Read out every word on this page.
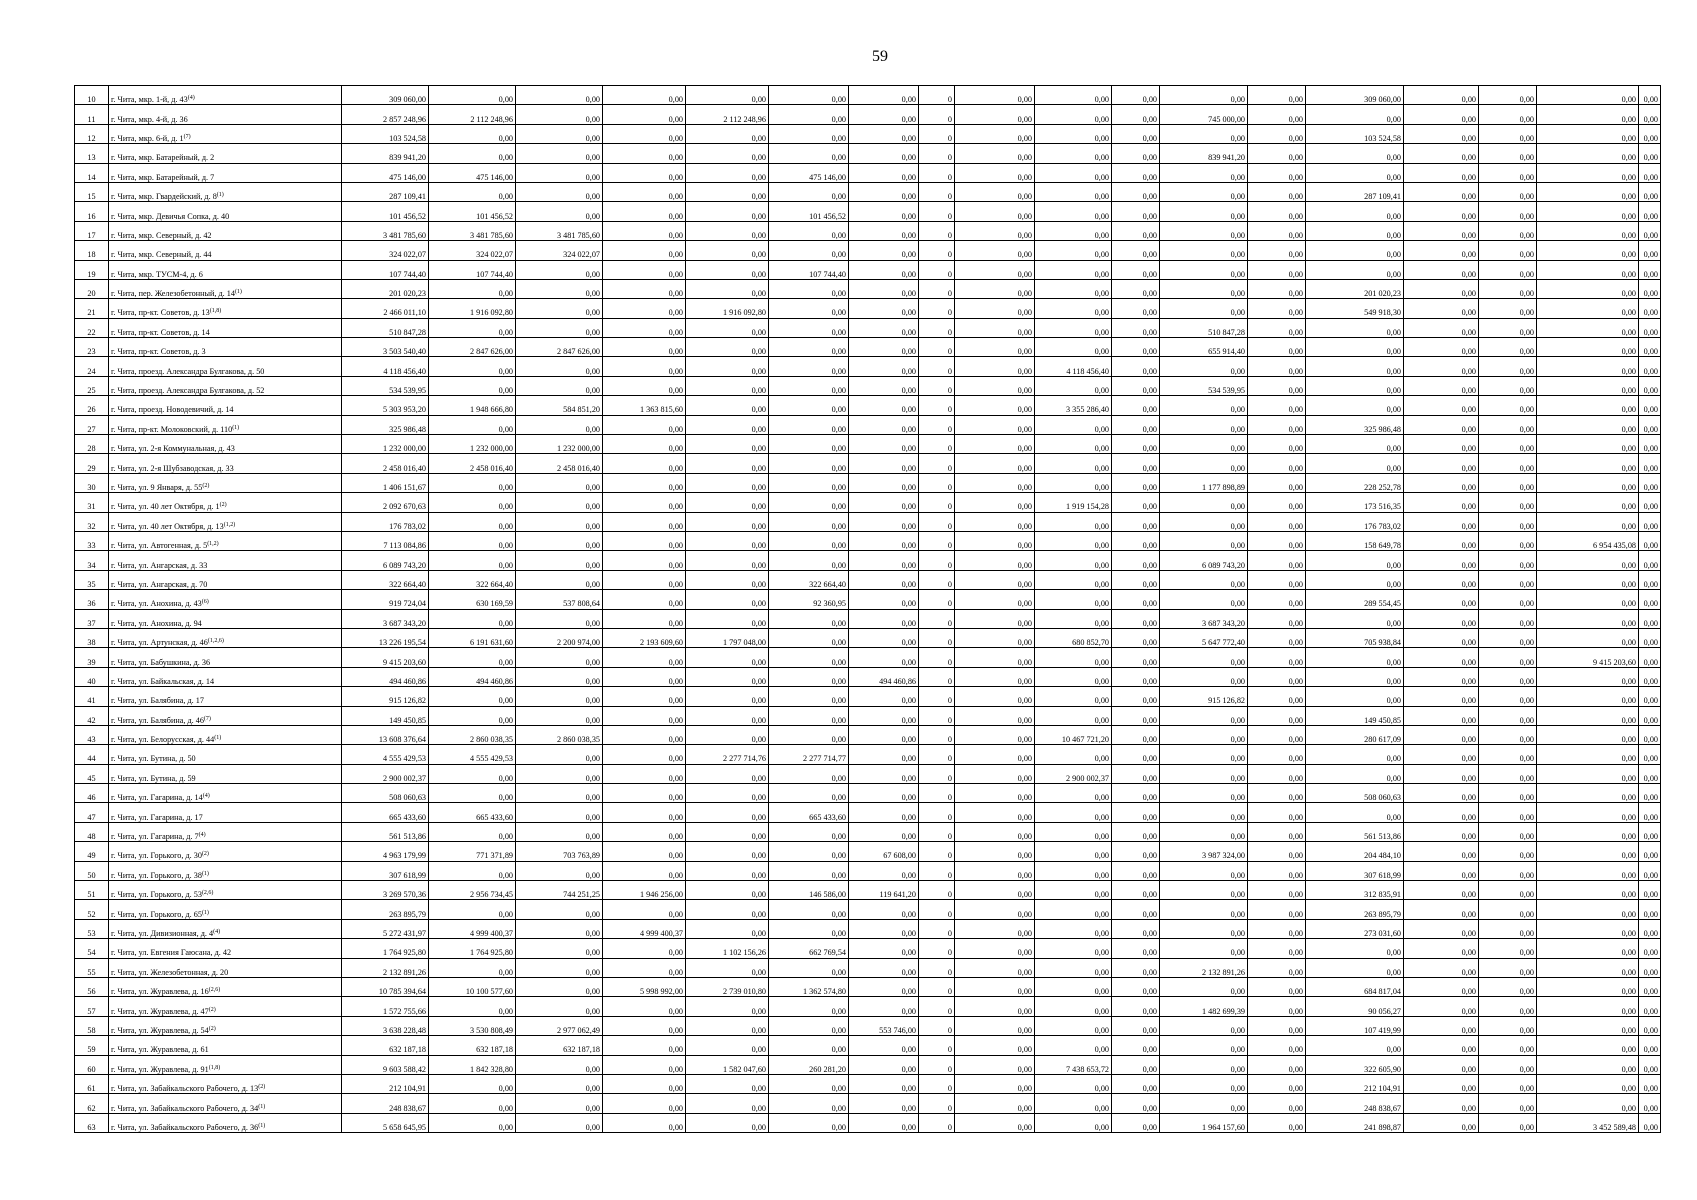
59
10	г. Чита, мкр. 1-й, д. 43$^{(4)}$	309 060,00	0,00	0,00	0,00	0,00	0,00	0,00	0	0,00	0,00	0,00	0,00	0,00	309 060,00	0,00	0,00	0,00	0,00
11	г. Чита, мкр. 4-й, д. 36	2 857 248,96	2 112 248,96	0,00	0,00	2 112 248,96	0,00	0,00	0	0,00	0,00	0,00	745 000,00	0,00	0,00	0,00	0,00	0,00	0,00
12	г. Чита, мкр. 6-й, д. 1$^{(7)}$	103 524,58	0,00	0,00	0,00	0,00	0,00	0,00	0	0,00	0,00	0,00	0,00	0,00	103 524,58	0,00	0,00	0,00	0,00
13	г. Чита, мкр. Батарейный, д. 2	839 941,20	0,00	0,00	0,00	0,00	0,00	0,00	0	0,00	0,00	0,00	839 941,20	0,00	0,00	0,00	0,00	0,00	0,00
14	г. Чита, мкр. Батарейный, д. 7	475 146,00	475 146,00	0,00	0,00	0,00	475 146,00	0,00	0	0,00	0,00	0,00	0,00	0,00	0,00	0,00	0,00	0,00	0,00
15	г. Чита, мкр. Гвардейский, д. 8$^{(1)}$	287 109,41	0,00	0,00	0,00	0,00	0,00	0,00	0	0,00	0,00	0,00	0,00	0,00	287 109,41	0,00	0,00	0,00	0,00
16	г. Чита, мкр. Девичья Сопка, д. 40	101 456,52	101 456,52	0,00	0,00	0,00	101 456,52	0,00	0	0,00	0,00	0,00	0,00	0,00	0,00	0,00	0,00	0,00	0,00
17	г. Чита, мкр. Северный, д. 42	3 481 785,60	3 481 785,60	3 481 785,60	0,00	0,00	0,00	0,00	0	0,00	0,00	0,00	0,00	0,00	0,00	0,00	0,00	0,00	0,00
18	г. Чита, мкр. Северный, д. 44	324 022,07	324 022,07	324 022,07	0,00	0,00	0,00	0,00	0	0,00	0,00	0,00	0,00	0,00	0,00	0,00	0,00	0,00	0,00
19	г. Чита, мкр. ТУСМ-4, д. 6	107 744,40	107 744,40	0,00	0,00	0,00	107 744,40	0,00	0	0,00	0,00	0,00	0,00	0,00	0,00	0,00	0,00	0,00	0,00
20	г. Чита, пер. Железобетонный, д. 14$^{(1)}$	201 020,23	0,00	0,00	0,00	0,00	0,00	0,00	0	0,00	0,00	0,00	0,00	0,00	201 020,23	0,00	0,00	0,00	0,00
21	г. Чита, пр-кт. Советов, д. 13$^{(1,8)}$	2 466 011,10	1 916 092,80	0,00	0,00	1 916 092,80	0,00	0,00	0	0,00	0,00	0,00	0,00	0,00	549 918,30	0,00	0,00	0,00	0,00
22	г. Чита, пр-кт. Советов, д. 14	510 847,28	0,00	0,00	0,00	0,00	0,00	0,00	0	0,00	0,00	0,00	510 847,28	0,00	0,00	0,00	0,00	0,00	0,00
23	г. Чита, пр-кт. Советов, д. 3	3 503 540,40	2 847 626,00	2 847 626,00	0,00	0,00	0,00	0,00	0	0,00	0,00	0,00	655 914,40	0,00	0,00	0,00	0,00	0,00	0,00
24	г. Чита, проезд. Александра Булгакова, д. 50	4 118 456,40	0,00	0,00	0,00	0,00	0,00	0,00	0	0,00	4 118 456,40	0,00	0,00	0,00	0,00	0,00	0,00	0,00	0,00
25	г. Чита, проезд. Александра Булгакова, д. 52	534 539,95	0,00	0,00	0,00	0,00	0,00	0,00	0	0,00	0,00	0,00	534 539,95	0,00	0,00	0,00	0,00	0,00	0,00
26	г. Чита, проезд. Новодевичий, д. 14	5 303 953,20	1 948 666,80	584 851,20	1 363 815,60	0,00	0,00	0,00	0	0,00	3 355 286,40	0,00	0,00	0,00	0,00	0,00	0,00	0,00	0,00
27	г. Чита, пр-кт. Молоковский, д. 110$^{(1)}$	325 986,48	0,00	0,00	0,00	0,00	0,00	0,00	0	0,00	0,00	0,00	0,00	0,00	325 986,48	0,00	0,00	0,00	0,00
28	г. Чита, ул. 2-я Коммунальная, д. 43	1 232 000,00	1 232 000,00	1 232 000,00	0,00	0,00	0,00	0,00	0	0,00	0,00	0,00	0,00	0,00	0,00	0,00	0,00	0,00	0,00
29	г. Чита, ул. 2-я Шубзаводская, д. 33	2 458 016,40	2 458 016,40	2 458 016,40	0,00	0,00	0,00	0,00	0	0,00	0,00	0,00	0,00	0,00	0,00	0,00	0,00	0,00	0,00
30	г. Чита, ул. 9 Января, д. 55$^{(2)}$	1 406 151,67	0,00	0,00	0,00	0,00	0,00	0,00	0	0,00	0,00	0,00	1 177 898,89	0,00	228 252,78	0,00	0,00	0,00	0,00
31	г. Чита, ул. 40 лет Октября, д. 1$^{(2)}$	2 092 670,63	0,00	0,00	0,00	0,00	0,00	0,00	0	0,00	1 919 154,28	0,00	0,00	0,00	173 516,35	0,00	0,00	0,00	0,00
32	г. Чита, ул. 40 лет Октября, д. 13$^{(1,2)}$	176 783,02	0,00	0,00	0,00	0,00	0,00	0,00	0	0,00	0,00	0,00	0,00	0,00	176 783,02	0,00	0,00	0,00	0,00
33	г. Чита, ул. Автогенная, д. 5$^{(1,2)}$	7 113 084,86	0,00	0,00	0,00	0,00	0,00	0,00	0	0,00	0,00	0,00	0,00	0,00	158 649,78	0,00	0,00	6 954 435,08	0,00
34	г. Чита, ул. Ангарская, д. 33	6 089 743,20	0,00	0,00	0,00	0,00	0,00	0,00	0	0,00	0,00	0,00	6 089 743,20	0,00	0,00	0,00	0,00	0,00	0,00
35	г. Чита, ул. Ангарская, д. 70	322 664,40	322 664,40	0,00	0,00	0,00	322 664,40	0,00	0	0,00	0,00	0,00	0,00	0,00	0,00	0,00	0,00	0,00	0,00
36	г. Чита, ул. Анохина, д. 43$^{(6)}$	919 724,04	630 169,59	537 808,64	0,00	0,00	92 360,95	0,00	0	0,00	0,00	0,00	0,00	0,00	289 554,45	0,00	0,00	0,00	0,00
37	г. Чита, ул. Анохина, д. 94	3 687 343,20	0,00	0,00	0,00	0,00	0,00	0,00	0	0,00	0,00	0,00	3 687 343,20	0,00	0,00	0,00	0,00	0,00	0,00
38	г. Чита, ул. Артунская, д. 46$^{(1,2,6)}$	13 226 195,54	6 191 631,60	2 200 974,00	2 193 609,60	1 797 048,00	0,00	0,00	0	0,00	680 852,70	0,00	5 647 772,40	0,00	705 938,84	0,00	0,00	0,00	0,00
39	г. Чита, ул. Бабушкина, д. 36	9 415 203,60	0,00	0,00	0,00	0,00	0,00	0,00	0	0,00	0,00	0,00	0,00	0,00	0,00	0,00	0,00	9 415 203,60	0,00
40	г. Чита, ул. Байкальская, д. 14	494 460,86	494 460,86	0,00	0,00	0,00	0,00	494 460,86	0	0,00	0,00	0,00	0,00	0,00	0,00	0,00	0,00	0,00	0,00
41	г. Чита, ул. Балябина, д. 17	915 126,82	0,00	0,00	0,00	0,00	0,00	0,00	0	0,00	0,00	0,00	915 126,82	0,00	0,00	0,00	0,00	0,00	0,00
42	г. Чита, ул. Балябина, д. 46$^{(7)}$	149 450,85	0,00	0,00	0,00	0,00	0,00	0,00	0	0,00	0,00	0,00	0,00	0,00	149 450,85	0,00	0,00	0,00	0,00
43	г. Чита, ул. Белорусская, д. 44$^{(1)}$	13 608 376,64	2 860 038,35	2 860 038,35	0,00	0,00	0,00	0,00	0	0,00	10 467 721,20	0,00	0,00	0,00	280 617,09	0,00	0,00	0,00	0,00
44	г. Чита, ул. Бутина, д. 50	4 555 429,53	4 555 429,53	0,00	0,00	2 277 714,76	2 277 714,77	0,00	0	0,00	0,00	0,00	0,00	0,00	0,00	0,00	0,00	0,00	0,00
45	г. Чита, ул. Бутина, д. 59	2 900 002,37	0,00	0,00	0,00	0,00	0,00	0,00	0	0,00	2 900 002,37	0,00	0,00	0,00	0,00	0,00	0,00	0,00	0,00
46	г. Чита, ул. Гагарина, д. 14$^{(4)}$	508 060,63	0,00	0,00	0,00	0,00	0,00	0,00	0	0,00	0,00	0,00	0,00	0,00	508 060,63	0,00	0,00	0,00	0,00
47	г. Чита, ул. Гагарина, д. 17	665 433,60	665 433,60	0,00	0,00	0,00	665 433,60	0,00	0	0,00	0,00	0,00	0,00	0,00	0,00	0,00	0,00	0,00	0,00
48	г. Чита, ул. Гагарина, д. 7$^{(4)}$	561 513,86	0,00	0,00	0,00	0,00	0,00	0,00	0	0,00	0,00	0,00	0,00	0,00	561 513,86	0,00	0,00	0,00	0,00
49	г. Чита, ул. Горького, д. 30$^{(2)}$	4 963 179,99	771 371,89	703 763,89	0,00	0,00	0,00	67 608,00	0	0,00	0,00	0,00	3 987 324,00	0,00	204 484,10	0,00	0,00	0,00	0,00
50	г. Чита, ул. Горького, д. 38$^{(1)}$	307 618,99	0,00	0,00	0,00	0,00	0,00	0,00	0	0,00	0,00	0,00	0,00	0,00	307 618,99	0,00	0,00	0,00	0,00
51	г. Чита, ул. Горького, д. 53$^{(2,6)}$	3 269 570,36	2 956 734,45	744 251,25	1 946 256,00	0,00	146 586,00	119 641,20	0	0,00	0,00	0,00	0,00	0,00	312 835,91	0,00	0,00	0,00	0,00
52	г. Чита, ул. Горького, д. 65$^{(1)}$	263 895,79	0,00	0,00	0,00	0,00	0,00	0,00	0	0,00	0,00	0,00	0,00	0,00	263 895,79	0,00	0,00	0,00	0,00
53	г. Чита, ул. Дивизионная, д. 4$^{(4)}$	5 272 431,97	4 999 400,37	0,00	4 999 400,37	0,00	0,00	0,00	0	0,00	0,00	0,00	0,00	0,00	273 031,60	0,00	0,00	0,00	0,00
54	г. Чита, ул. Евгения Гаюсана, д. 42	1 764 925,80	1 764 925,80	0,00	0,00	1 102 156,26	662 769,54	0,00	0	0,00	0,00	0,00	0,00	0,00	0,00	0,00	0,00	0,00	0,00
55	г. Чита, ул. Железобетонная, д. 20	2 132 891,26	0,00	0,00	0,00	0,00	0,00	0,00	0	0,00	0,00	0,00	2 132 891,26	0,00	0,00	0,00	0,00	0,00	0,00
56	г. Чита, ул. Журавлева, д. 16$^{(2,6)}$	10 785 394,64	10 100 577,60	0,00	5 998 992,00	2 739 010,80	1 362 574,80	0,00	0	0,00	0,00	0,00	0,00	0,00	684 817,04	0,00	0,00	0,00	0,00
57	г. Чита, ул. Журавлева, д. 47$^{(2)}$	1 572 755,66	0,00	0,00	0,00	0,00	0,00	0,00	0	0,00	0,00	0,00	1 482 699,39	0,00	90 056,27	0,00	0,00	0,00	0,00
58	г. Чита, ул. Журавлева, д. 54$^{(2)}$	3 638 228,48	3 530 808,49	2 977 062,49	0,00	0,00	0,00	553 746,00	0	0,00	0,00	0,00	0,00	0,00	107 419,99	0,00	0,00	0,00	0,00
59	г. Чита, ул. Журавлева, д. 61	632 187,18	632 187,18	632 187,18	0,00	0,00	0,00	0,00	0	0,00	0,00	0,00	0,00	0,00	0,00	0,00	0,00	0,00	0,00
60	г. Чита, ул. Журавлева, д. 91$^{(1,8)}$	9 603 588,42	1 842 328,80	0,00	0,00	1 582 047,60	260 281,20	0,00	0	0,00	7 438 653,72	0,00	0,00	0,00	322 605,90	0,00	0,00	0,00	0,00
61	г. Чита, ул. Забайкальского Рабочего, д. 13$^{(2)}$	212 104,91	0,00	0,00	0,00	0,00	0,00	0,00	0	0,00	0,00	0,00	0,00	0,00	212 104,91	0,00	0,00	0,00	0,00
62	г. Чита, ул. Забайкальского Рабочего, д. 34$^{(1)}$	248 838,67	0,00	0,00	0,00	0,00	0,00	0,00	0	0,00	0,00	0,00	0,00	0,00	248 838,67	0,00	0,00	0,00	0,00
63	г. Чита, ул. Забайкальского Рабочего, д. 36$^{(1)}$	5 658 645,95	0,00	0,00	0,00	0,00	0,00	0,00	0	0,00	0,00	0,00	1 964 157,60	0,00	241 898,87	0,00	0,00	3 452 589,48	0,00
